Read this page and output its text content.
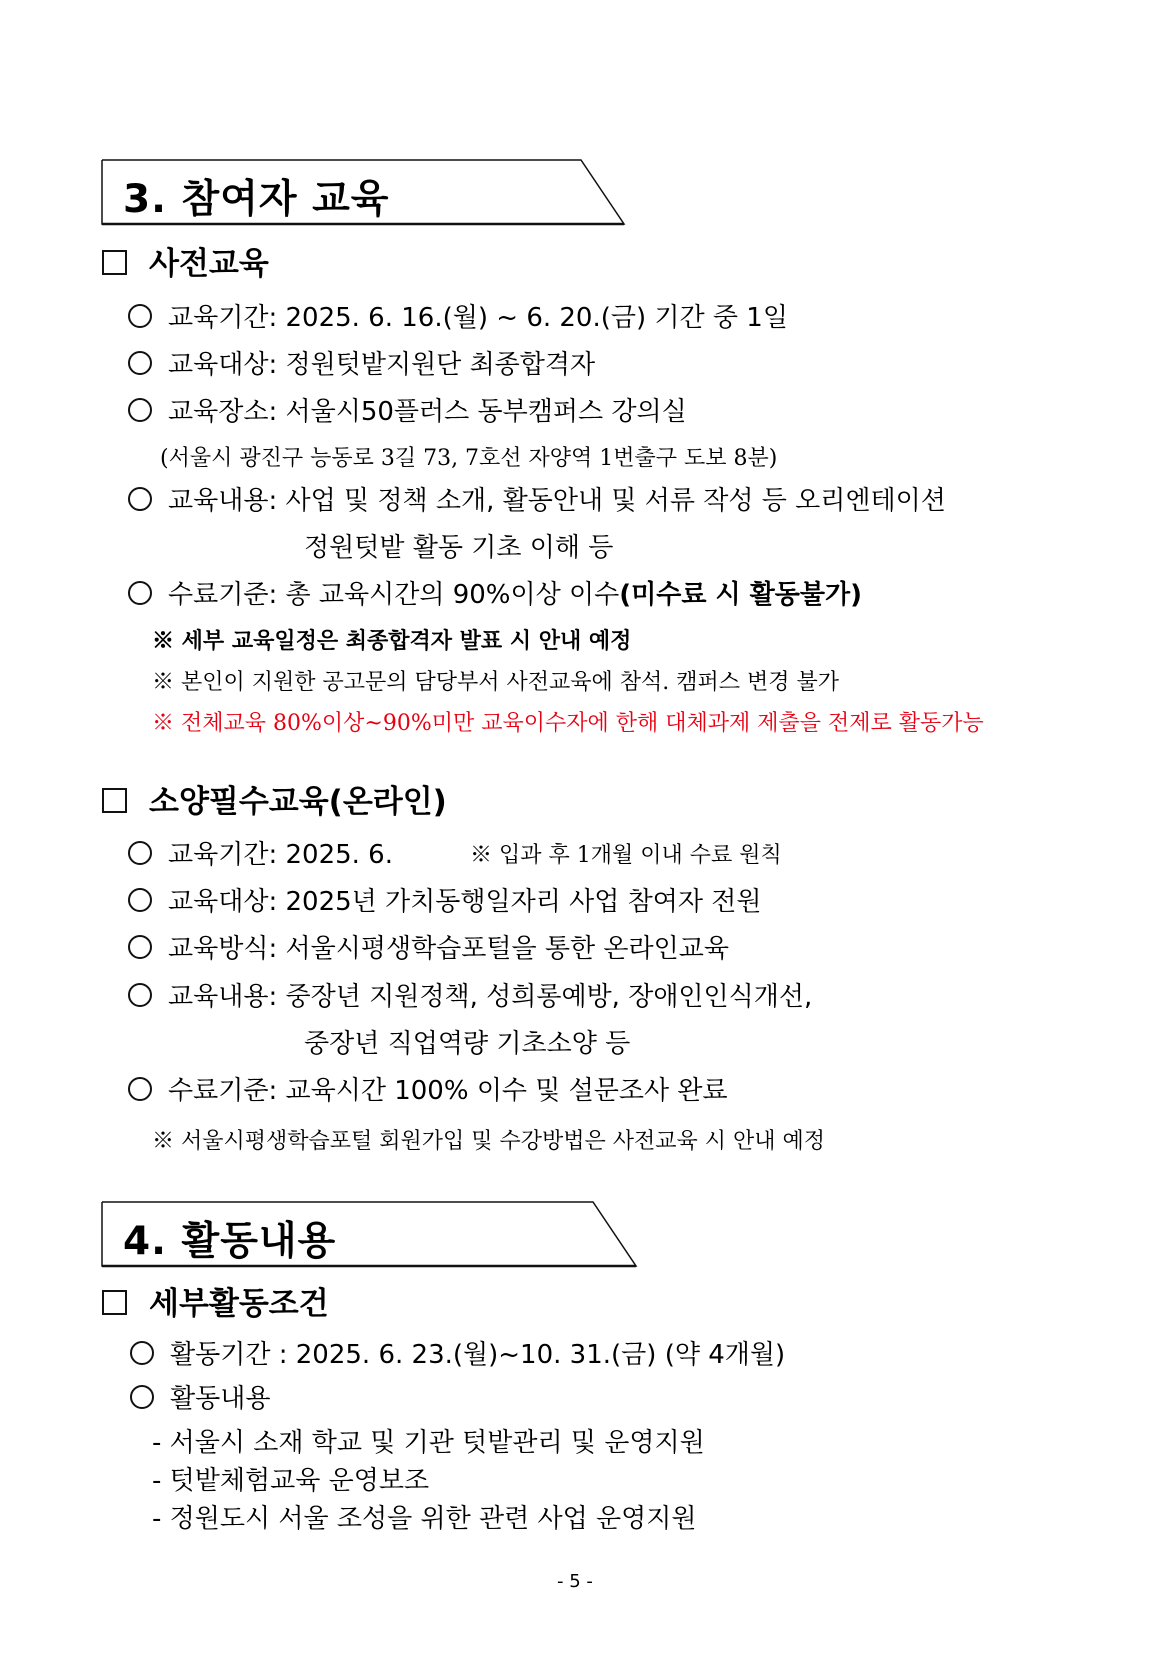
3. 참여자 교육
사전교육
교육기간: 2025. 6. 16.(월) ~ 6. 20.(금) 기간 중 1일
교육대상: 정원텃밭지원단 최종합격자
교육장소: 서울시50플러스 동부캠퍼스 강의실
(서울시 광진구 능동로 3길 73, 7호선 자양역 1번출구 도보 8분)
교육내용: 사업 및 정책 소개, 활동안내 및 서류 작성 등 오리엔테이션
정원텃밭 활동 기초 이해 등
수료기준: 총 교육시간의 90%이상 이수(미수료 시 활동불가)
※ 세부 교육일정은 최종합격자 발표 시 안내 예정
※ 본인이 지원한 공고문의 담당부서 사전교육에 참석. 캠퍼스 변경 불가
※ 전체교육 80%이상~90%미만 교육이수자에 한해 대체과제 제출을 전제로 활동가능
소양필수교육(온라인)
교육기간: 2025. 6.	※ 입과 후 1개월 이내 수료 원칙
교육대상: 2025년 가치동행일자리 사업 참여자 전원
교육방식: 서울시평생학습포털을 통한 온라인교육
교육내용: 중장년 지원정책, 성희롱예방, 장애인인식개선,
중장년 직업역량 기초소양 등
수료기준: 교육시간 100% 이수 및 설문조사 완료
※ 서울시평생학습포털 회원가입 및 수강방법은 사전교육 시 안내 예정
4. 활동내용
세부활동조건
활동기간 : 2025. 6. 23.(월)~10. 31.(금) (약 4개월)
활동내용
- 서울시 소재 학교 및 기관 텃밭관리 및 운영지원
- 텃밭체험교육 운영보조
- 정원도시 서울 조성을 위한 관련 사업 운영지원
- 5 -
